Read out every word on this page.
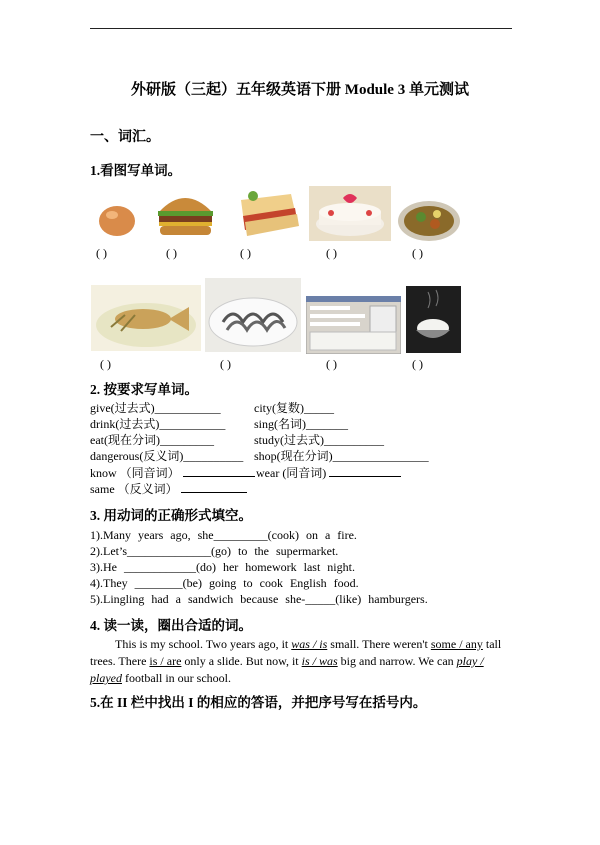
外研版（三起）五年级英语下册 Module 3 单元测试
一、词汇。
1.看图写单词。
( )	( )	( )	( )	( )
( )	( )	( )	( )
2. 按要求写单词。
give(过去式)___________	city(复数)_____
drink(过去式)___________ sing(名词)_______
eat(现在分词)_________	study(过去式)__________
dangerous(反义词)__________ shop(现在分词)________________
know （同音词）	wear (同音词)
same （反义词）
3. 用动词的正确形式填空。
1).Many years ago, she_________(cook) on a fire.
2).Let’s______________(go) to the supermarket.
3).He ____________(do) her homework last night.
4).They ________(be) going to cook English food.
5).Lingling had a sandwich because she-_____(like) hamburgers.
4. 读一读，圈出合适的词。
This is my school. Two years ago, it was / is small. There weren't some / any tall trees. There is / are only a slide. But now, it is / was big and narrow. We can play / played football in our school.
5.在 II 栏中找出 I 的相应的答语，并把序号写在括号内。
